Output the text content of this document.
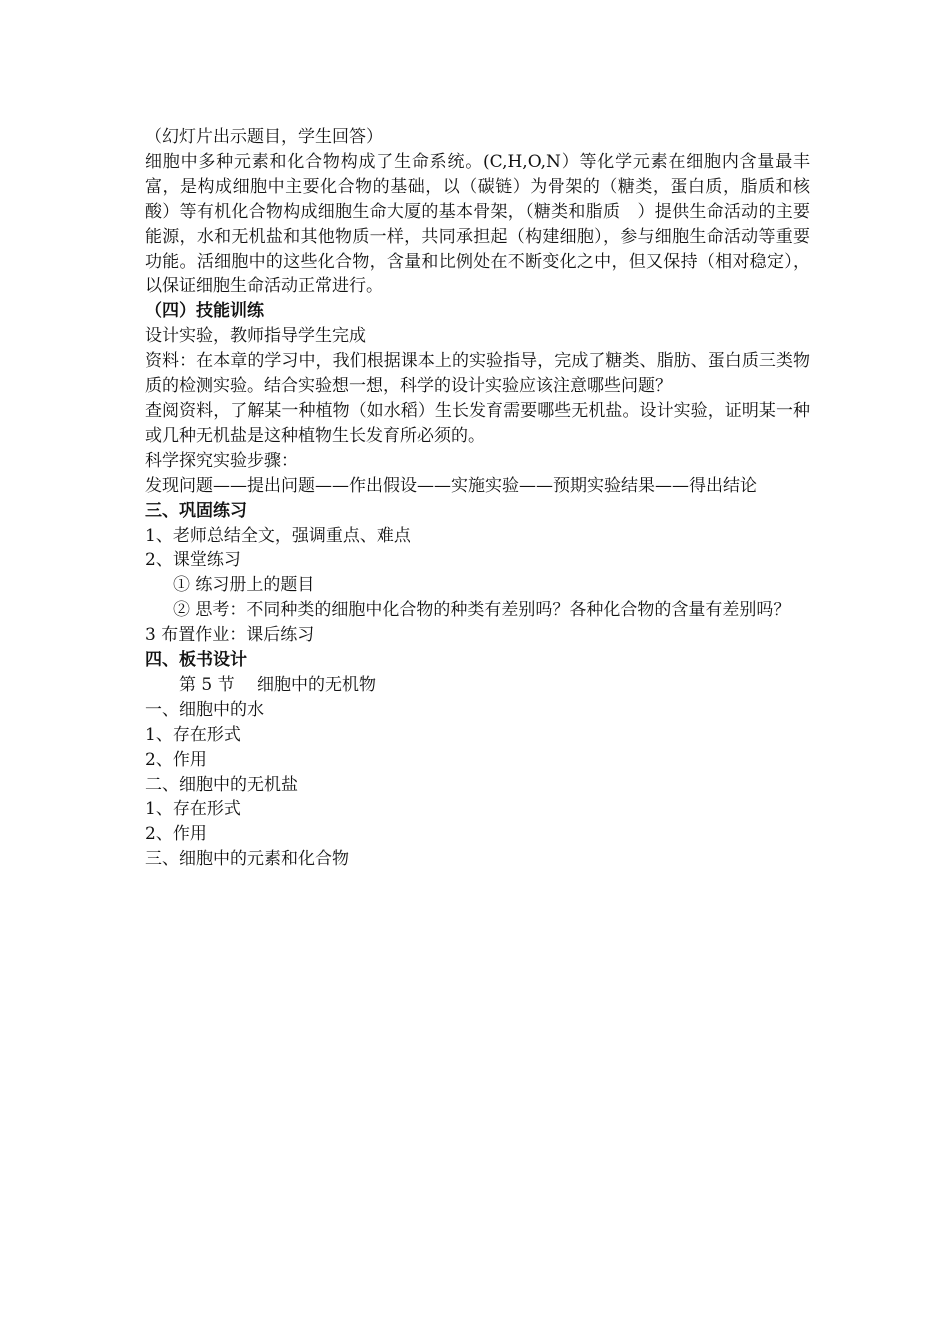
（幻灯片出示题目，学生回答）
细胞中多种元素和化合物构成了生命系统。(C,H,O,N）等化学元素在细胞内含量最丰富，是构成细胞中主要化合物的基础，以（碳链）为骨架的（糖类，蛋白质，脂质和核酸）等有机化合物构成细胞生命大厦的基本骨架，（糖类和脂质　）提供生命活动的主要能源，水和无机盐和其他物质一样，共同承担起（构建细胞），参与细胞生命活动等重要功能。活细胞中的这些化合物，含量和比例处在不断变化之中，但又保持（相对稳定），以保证细胞生命活动正常进行。
（四）技能训练
设计实验，教师指导学生完成
资料：在本章的学习中，我们根据课本上的实验指导，完成了糖类、脂肪、蛋白质三类物质的检测实验。结合实验想一想，科学的设计实验应该注意哪些问题？
查阅资料，了解某一种植物（如水稻）生长发育需要哪些无机盐。设计实验，证明某一种或几种无机盐是这种植物生长发育所必须的。
科学探究实验步骤：
发现问题——提出问题——作出假设——实施实验——预期实验结果——得出结论
三、巩固练习
1、老师总结全文，强调重点、难点
2、课堂练习
① 练习册上的题目
② 思考：不同种类的细胞中化合物的种类有差别吗？各种化合物的含量有差别吗？
3 布置作业：课后练习
四、板书设计
第 5 节　 细胞中的无机物
一、细胞中的水
1、存在形式
2、作用
二、细胞中的无机盐
1、存在形式
2、作用
三、细胞中的元素和化合物
